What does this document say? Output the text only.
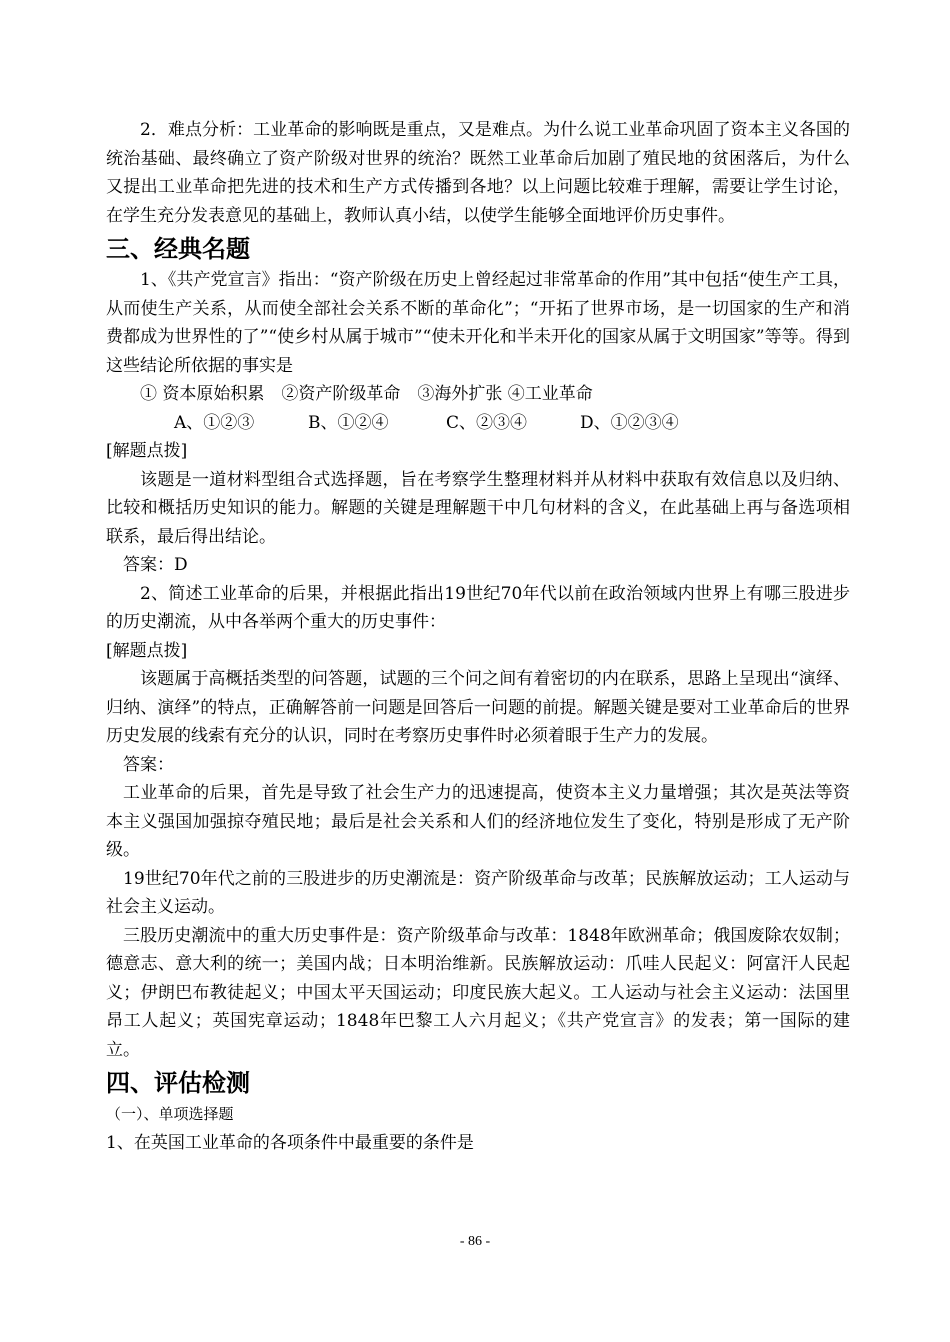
2．难点分析：工业革命的影响既是重点，又是难点。为什么说工业革命巩固了资本主义各国的统治基础、最终确立了资产阶级对世界的统治？既然工业革命后加剧了殖民地的贫困落后，为什么又提出工业革命把先进的技术和生产方式传播到各地？以上问题比较难于理解，需要让学生讨论，在学生充分发表意见的基础上，教师认真小结，以使学生能够全面地评价历史事件。

三、经典名题

1、《共产党宣言》指出：“资产阶级在历史上曾经起过非常革命的作用”其中包括“使生产工具，从而使生产关系，从而使全部社会关系不断的革命化”；“开拓了世界市场，是一切国家的生产和消费都成为世界性的了”“使乡村从属于城市”“使未开化和半未开化的国家从属于文明国家”等等。得到这些结论所依据的事实是

① 资本原始积累　②资产阶级革命　③海外扩张 ④工业革命

A、①②③	B、①②④	C、②③④	D、①②③④

[解题点拨]

该题是一道材料型组合式选择题，旨在考察学生整理材料并从材料中获取有效信息以及归纳、比较和概括历史知识的能力。解题的关键是理解题干中几句材料的含义，在此基础上再与备选项相联系，最后得出结论。

答案：D

2、简述工业革命的后果，并根据此指出19世纪70年代以前在政治领域内世界上有哪三股进步的历史潮流，从中各举两个重大的历史事件：

[解题点拨]

该题属于高概括类型的问答题，试题的三个问之间有着密切的内在联系，思路上呈现出“演绎、归纳、演绎”的特点，正确解答前一问题是回答后一问题的前提。解题关键是要对工业革命后的世界历史发展的线索有充分的认识，同时在考察历史事件时必须着眼于生产力的发展。

答案：

工业革命的后果，首先是导致了社会生产力的迅速提高，使资本主义力量增强；其次是英法等资本主义强国加强掠夺殖民地；最后是社会关系和人们的经济地位发生了变化，特别是形成了无产阶级。

19世纪70年代之前的三股进步的历史潮流是：资产阶级革命与改革；民族解放运动；工人运动与社会主义运动。

三股历史潮流中的重大历史事件是：资产阶级革命与改革：1848年欧洲革命；俄国废除农奴制；德意志、意大利的统一；美国内战；日本明治维新。民族解放运动：爪哇人民起义：阿富汗人民起义；伊朗巴布教徒起义；中国太平天国运动；印度民族大起义。工人运动与社会主义运动：法国里昂工人起义；英国宪章运动；1848年巴黎工人六月起义；《共产党宣言》的发表；第一国际的建立。

四、评估检测

（一）、单项选择题

1、在英国工业革命的各项条件中最重要的条件是

- 86 -
